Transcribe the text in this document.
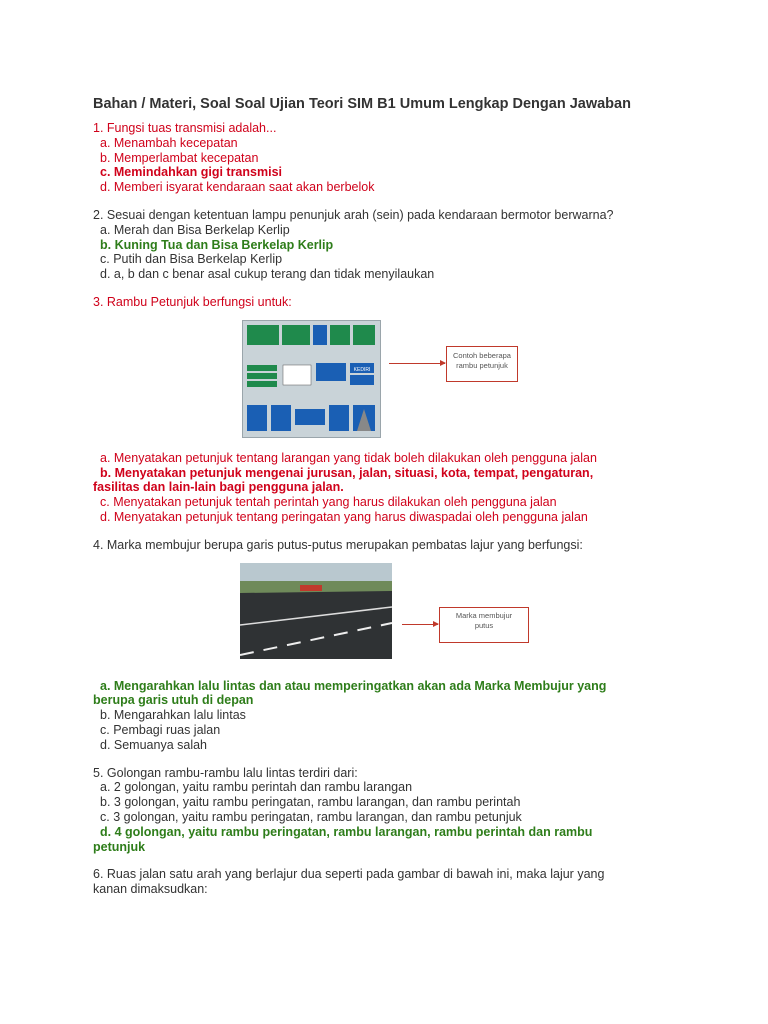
Bahan / Materi, Soal Soal Ujian Teori SIM B1 Umum Lengkap Dengan Jawaban
1. Fungsi tuas transmisi adalah...
a. Menambah kecepatan
b. Memperlambat kecepatan
c. Memindahkan gigi transmisi
d. Memberi isyarat kendaraan saat akan berbelok
2. Sesuai dengan ketentuan lampu penunjuk arah (sein) pada kendaraan bermotor berwarna?
a. Merah dan Bisa Berkelap Kerlip
b. Kuning Tua dan Bisa Berkelap Kerlip
c. Putih dan Bisa Berkelap Kerlip
d. a, b dan c benar asal cukup terang dan tidak menyilaukan
3. Rambu Petunjuk berfungsi untuk:
KEDIRI
Contoh beberapa
rambu petunjuk
a. Menyatakan petunjuk tentang larangan yang tidak boleh dilakukan oleh pengguna jalan
b. Menyatakan petunjuk mengenai jurusan, jalan, situasi, kota, tempat, pengaturan,
fasilitas dan lain-lain bagi pengguna jalan.
c. Menyatakan petunjuk tentah perintah yang harus dilakukan oleh pengguna jalan
d. Menyatakan petunjuk tentang peringatan yang harus diwaspadai oleh pengguna jalan
4. Marka membujur berupa garis putus-putus merupakan pembatas lajur yang berfungsi:
Marka membujur
putus
a. Mengarahkan lalu lintas dan atau memperingatkan akan ada Marka Membujur yang
berupa garis utuh di depan
b. Mengarahkan lalu lintas
c. Pembagi ruas jalan
d. Semuanya salah
5. Golongan rambu-rambu lalu lintas terdiri dari:
a. 2 golongan, yaitu rambu perintah dan rambu larangan
b. 3 golongan, yaitu rambu peringatan, rambu larangan, dan rambu perintah
c. 3 golongan, yaitu rambu peringatan, rambu larangan, dan rambu petunjuk
d. 4 golongan, yaitu rambu peringatan, rambu larangan, rambu perintah dan rambu
petunjuk
6. Ruas jalan satu arah yang berlajur dua seperti pada gambar di bawah ini, maka lajur yang
kanan dimaksudkan:
